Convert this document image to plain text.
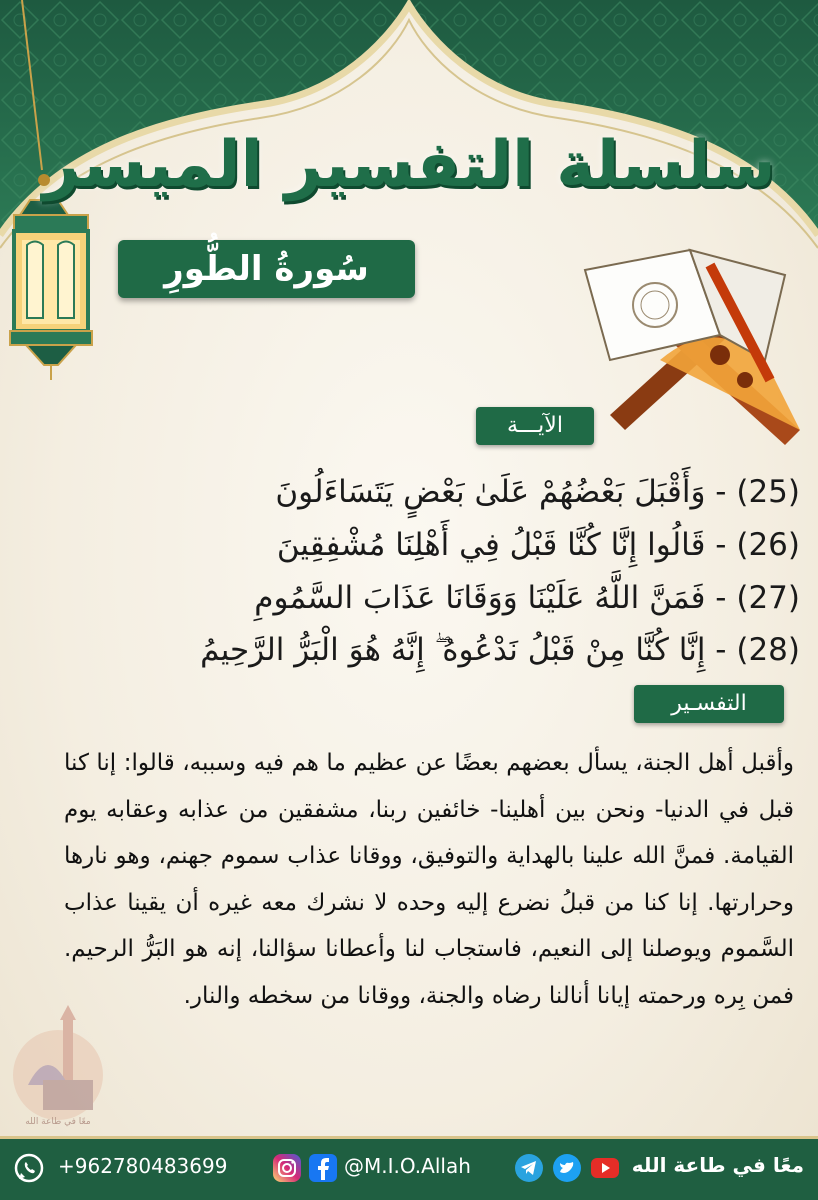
سلسلة التفسير الميسر
سُورةُ الطُّورِ
الآيـــة
(25) - وَأَقْبَلَ بَعْضُهُمْ عَلَىٰ بَعْضٍ يَتَسَاءَلُونَ
(26) - قَالُوا إِنَّا كُنَّا قَبْلُ فِي أَهْلِنَا مُشْفِقِينَ
(27) - فَمَنَّ اللَّهُ عَلَيْنَا وَوَقَانَا عَذَابَ السَّمُومِ
(28) - إِنَّا كُنَّا مِنْ قَبْلُ نَدْعُوهُ ۖ إِنَّهُ هُوَ الْبَرُّ الرَّحِيمُ
التفسـير
وأقبل أهل الجنة، يسأل بعضهم بعضًا عن عظيم ما هم فيه وسببه، قالوا: إنا كنا قبل في الدنيا- ونحن بين أهلينا- خائفين ربنا، مشفقين من عذابه وعقابه يوم القيامة. فمنَّ الله علينا بالهداية والتوفيق، ووقانا عذاب سموم جهنم، وهو نارها وحرارتها. إنا كنا من قبلُ نضرع إليه وحده لا نشرك معه غيره أن يقينا عذاب السَّموم ويوصلنا إلى النعيم، فاستجاب لنا وأعطانا سؤالنا، إنه هو البَرُّ الرحيم. فمن بِره ورحمته إيانا أنالنا رضاه والجنة، ووقانا من سخطه والنار.
معًا في طاعة الله
معًا في طاعة الله
@M.I.O.Allah
+962780483699
